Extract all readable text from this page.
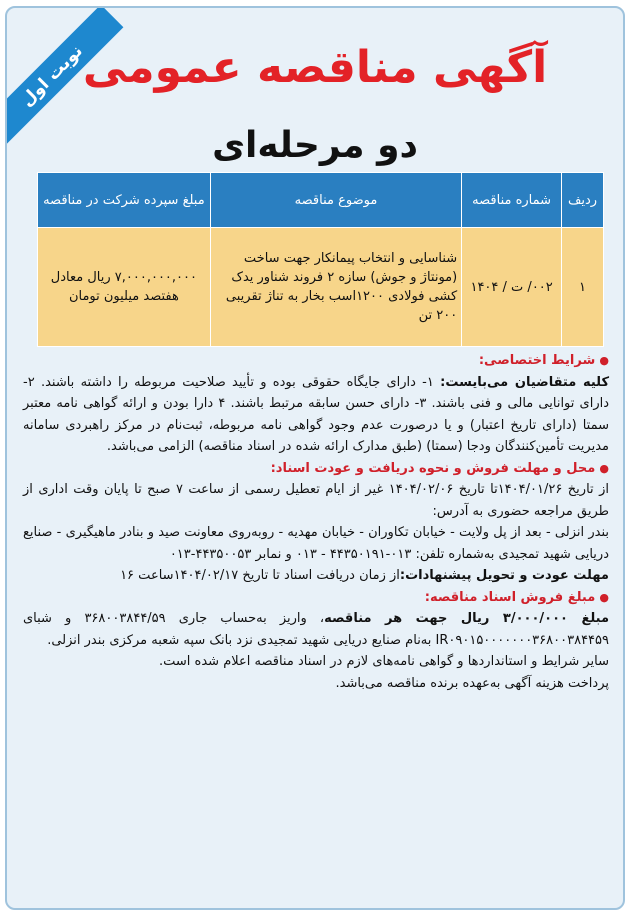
نوبت اول
آگهی مناقصه عمومی
دو مرحله‌ای
ردیف	شماره مناقصه	موضوع مناقصه	مبلغ سپرده شرکت در مناقصه
۱	۰۰۲/ ت / ۱۴۰۴	شناسایی و انتخاب پیمانکار جهت ساخت (مونتاژ و جوش) سازه ۲ فروند شناور یدک کشی فولادی ۱۲۰۰اسب بخار به تناژ تقریبی ۲۰۰ تن	۷,۰۰۰,۰۰۰,۰۰۰ ریال معادل هفتصد میلیون تومان

● شرایط اختصاصی:

کلیه متقاضیان می‌بایست: ۱- دارای جایگاه حقوقی بوده و تأیید صلاحیت مربوطه را داشته باشند. ۲- دارای توانایی مالی و فنی باشند. ۳- دارای حسن سابقه مرتبط باشند. ۴ دارا بودن و ارائه گواهی نامه معتبر سمتا (دارای تاریخ اعتبار) و یا درصورت عدم وجود گواهی نامه مربوطه، ثبت‌نام در مرکز راهبردی سامانه مدیریت تأمین‌کنندگان ودجا (سمتا) (طبق مدارک ارائه شده در اسناد مناقصه) الزامی می‌باشد.

● محل و مهلت فروش و نحوه دریافت و عودت اسناد:

از تاریخ ۱۴۰۴/۰۱/۲۶تا تاریخ ۱۴۰۴/۰۲/۰۶ غیر از ایام تعطیل رسمی از ساعت ۷ صبح تا پایان وقت اداری از طریق مراجعه حضوری به آدرس:

بندر انزلی - بعد از پل ولایت - خیابان تکاوران - خیابان مهدیه - روبه‌روی معاونت صید و بنادر ماهیگیری - صنایع دریایی شهید تمجیدی به‌شماره تلفن: ۰۱۳-۴۴۳۵۰۱۹۱ - ۰۱۳ و نمابر ۴۴۳۵۰۰۵۳-۰۱۳

مهلت عودت و تحویل پیشنهادات:از زمان دریافت اسناد تا تاریخ ۱۴۰۴/۰۲/۱۷ساعت ۱۶

● مبلغ فروش اسناد مناقصه:

مبلغ ۳/۰۰۰/۰۰۰ ریال جهت هر مناقصه، واریز به‌حساب جاری ۳۶۸۰۰۳۸۴۴/۵۹ و شبای IR۰۹۰۱۵۰۰۰۰۰۰۰۳۶۸۰۰۳۸۴۴۵۹ به‌نام صنایع دریایی شهید تمجیدی نزد بانک سپه شعبه مرکزی بندر انزلی.

سایر شرایط و استانداردها و گواهی نامه‌های لازم در اسناد مناقصه اعلام شده است.

پرداخت هزینه آگهی به‌عهده برنده مناقصه می‌باشد.
